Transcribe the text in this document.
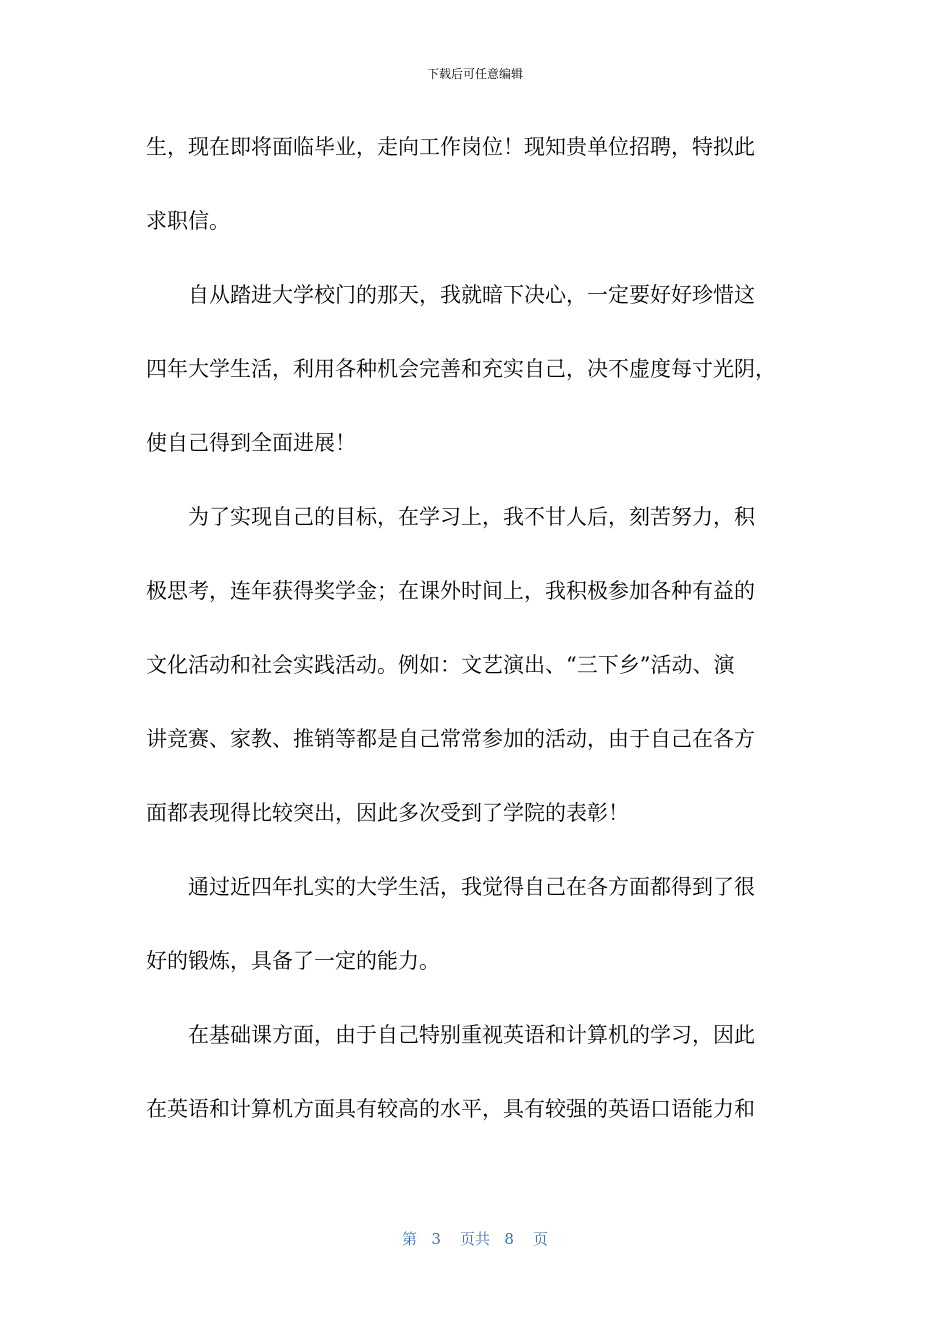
下载后可任意编辑
生，现在即将面临毕业，走向工作岗位！现知贵单位招聘，特拟此
求职信。
　　自从踏进大学校门的那天，我就暗下决心，一定要好好珍惜这
四年大学生活，利用各种机会完善和充实自己，决不虚度每寸光阴，
使自己得到全面进展！
　　为了实现自己的目标，在学习上，我不甘人后，刻苦努力，积
极思考，连年获得奖学金；在课外时间上，我积极参加各种有益的
文化活动和社会实践活动。例如：文艺演出、“三下乡”活动、演
讲竞赛、家教、推销等都是自己常常参加的活动，由于自己在各方
面都表现得比较突出，因此多次受到了学院的表彰！
　　通过近四年扎实的大学生活，我觉得自己在各方面都得到了很
好的锻炼，具备了一定的能力。
　　在基础课方面，由于自己特别重视英语和计算机的学习，因此
在英语和计算机方面具有较高的水平，具有较强的英语口语能力和
第 3 页共 8 页
